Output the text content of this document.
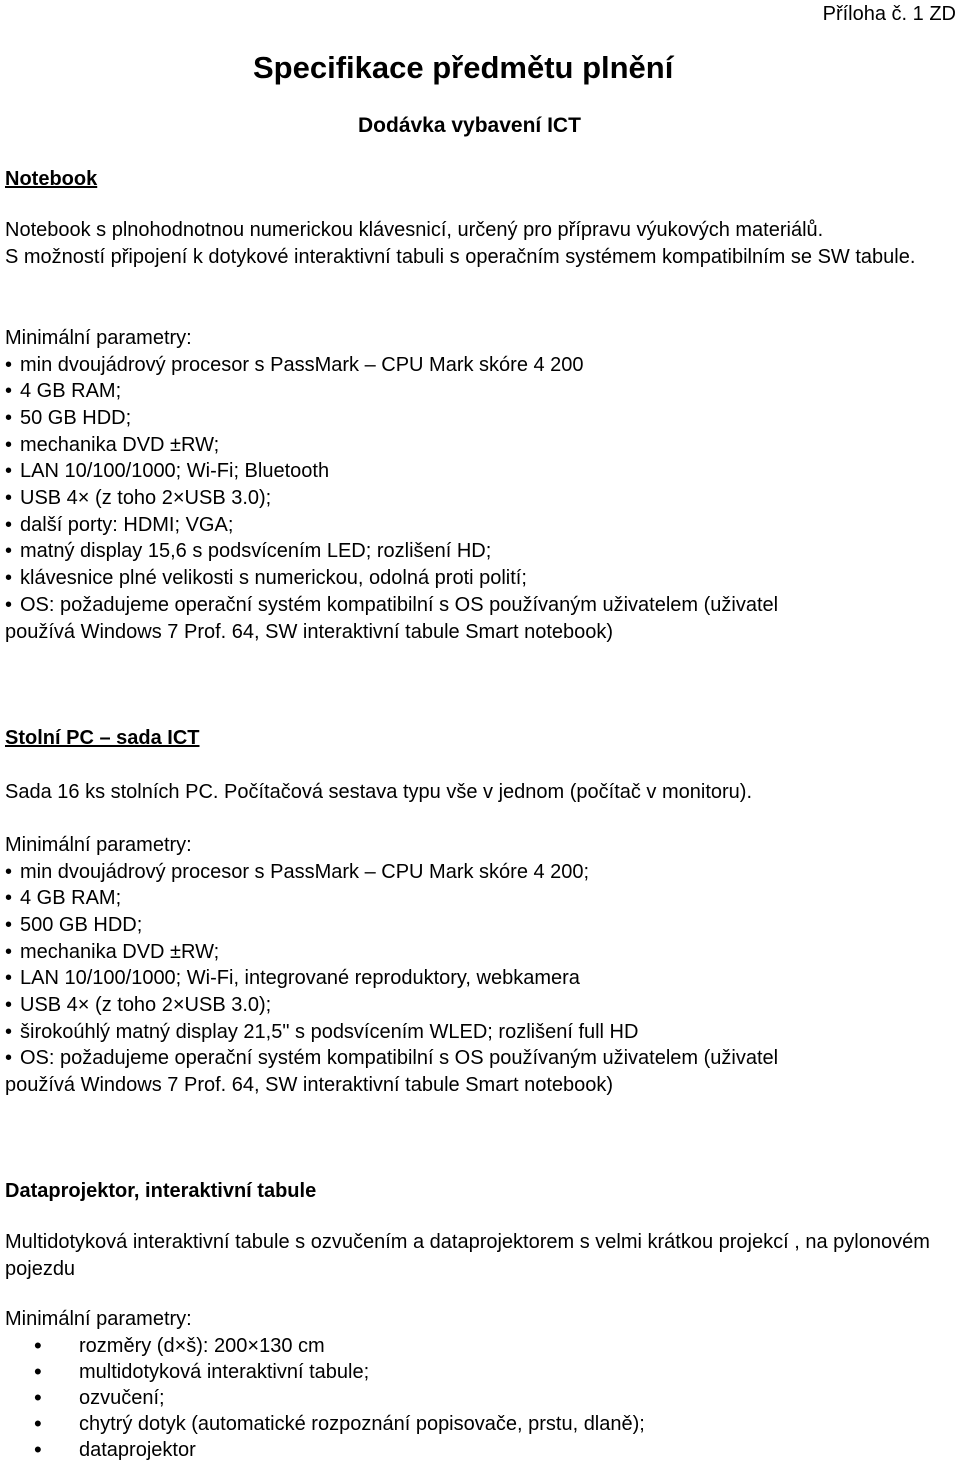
Příloha č. 1 ZD
Specifikace předmětu plnění
Dodávka vybavení ICT
Notebook
Notebook s plnohodnotnou numerickou klávesnicí, určený pro přípravu výukových materiálů.
S možností připojení k dotykové interaktivní tabuli s operačním systémem kompatibilním se SW tabule.
Minimální parametry:
• min dvoujádrový procesor s PassMark – CPU Mark skóre 4 200
• 4 GB RAM;
• 50 GB HDD;
• mechanika DVD ±RW;
• LAN 10/100/1000; Wi-Fi; Bluetooth
• USB 4× (z toho 2×USB 3.0);
• další porty: HDMI; VGA;
• matný display 15,6 s podsvícením LED; rozlišení HD;
• klávesnice plné velikosti s numerickou, odolná proti polití;
• OS: požadujeme operační systém kompatibilní s OS používaným uživatelem (uživatel
používá Windows 7 Prof. 64, SW interaktivní tabule Smart notebook)
Stolní PC – sada ICT
Sada 16 ks stolních PC. Počítačová sestava typu vše v jednom (počítač v monitoru).
Minimální parametry:
• min dvoujádrový procesor s PassMark – CPU Mark skóre 4 200;
• 4 GB RAM;
• 500 GB HDD;
• mechanika DVD ±RW;
• LAN 10/100/1000; Wi-Fi, integrované reproduktory, webkamera
• USB 4× (z toho 2×USB 3.0);
• širokoúhlý matný display 21,5" s podsvícením WLED; rozlišení full HD
• OS: požadujeme operační systém kompatibilní s OS používaným uživatelem (uživatel
používá Windows 7 Prof. 64, SW interaktivní tabule Smart notebook)
Dataprojektor, interaktivní tabule
Multidotyková interaktivní tabule s ozvučením a dataprojektorem s velmi krátkou projekcí , na pylonovém pojezdu
Minimální parametry:
• rozměry (d×š): 200×130 cm
• multidotyková interaktivní tabule;
• ozvučení;
• chytrý dotyk (automatické rozpoznání popisovače, prstu, dlaně);
• dataprojektor
